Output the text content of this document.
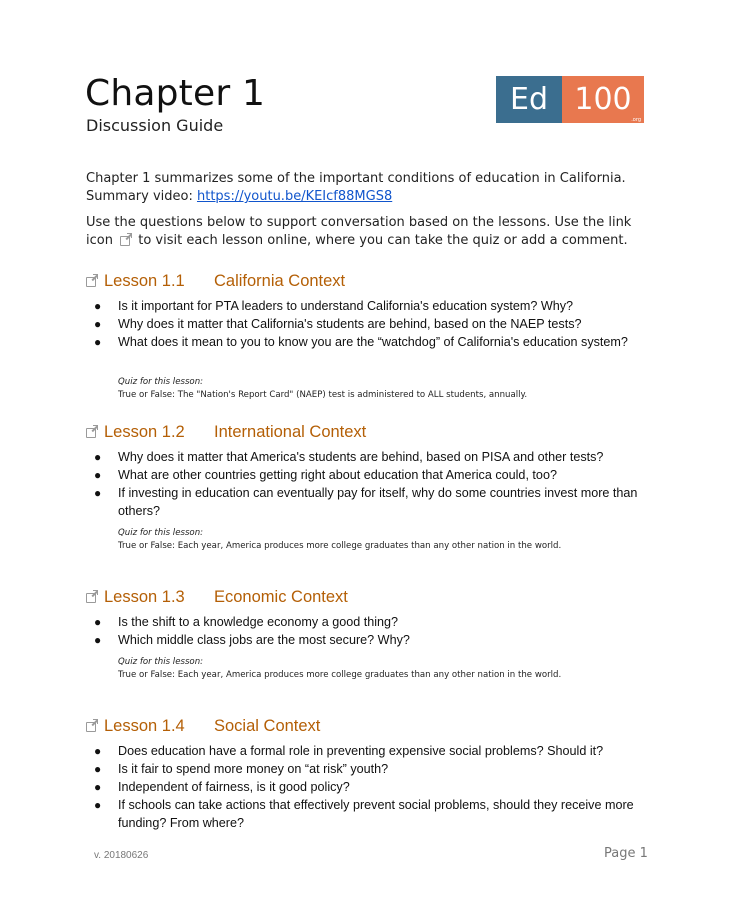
Chapter 1
Discussion Guide
Ed 100
.org
Chapter 1 summarizes some of the important conditions of education in California.
Summary video: https://youtu.be/KEIcf88MGS8
Use the questions below to support conversation based on the lessons. Use the link icon to visit each lesson online, where you can take the quiz or add a comment.
Lesson 1.1	California Context
● Is it important for PTA leaders to understand California's education system? Why?
● Why does it matter that California's students are behind, based on the NAEP tests?
● What does it mean to you to know you are the “watchdog” of California's education system?
Quiz for this lesson:
True or False: The "Nation's Report Card" (NAEP) test is administered to ALL students, annually.
Lesson 1.2	International Context
● Why does it matter that America's students are behind, based on PISA and other tests?
● What are other countries getting right about education that America could, too?
● If investing in education can eventually pay for itself, why do some countries invest more than others?
Quiz for this lesson:
True or False: Each year, America produces more college graduates than any other nation in the world.
Lesson 1.3	Economic Context
● Is the shift to a knowledge economy a good thing?
● Which middle class jobs are the most secure? Why?
Quiz for this lesson:
True or False: Each year, America produces more college graduates than any other nation in the world.
Lesson 1.4	Social Context
● Does education have a formal role in preventing expensive social problems? Should it?
● Is it fair to spend more money on “at risk” youth?
● Independent of fairness, is it good policy?
● If schools can take actions that effectively prevent social problems, should they receive more funding? From where?
v. 20180626	Page 1
